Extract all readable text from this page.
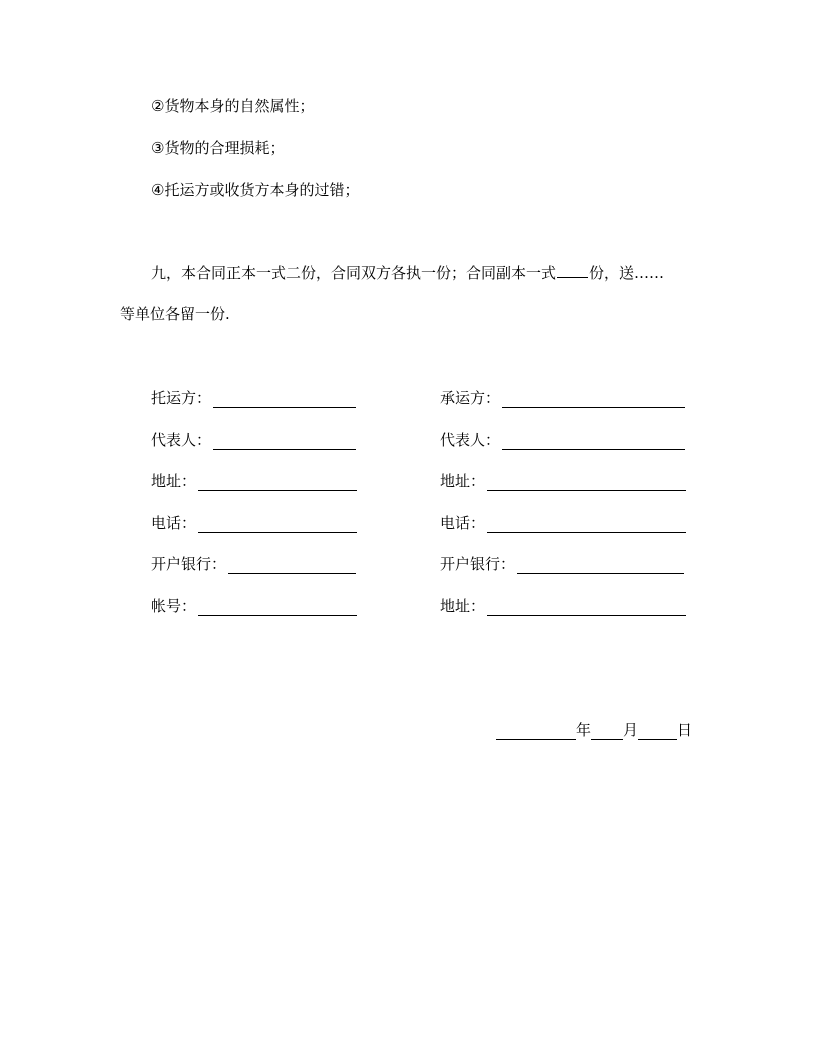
②货物本身的自然属性；
③货物的合理损耗；
④托运方或收货方本身的过错；
九，本合同正本一式二份，合同双方各执一份；合同副本一式 份，送……
等单位各留一份.
托运方：
代表人：
地址：
电话：
开户银行：
帐号：
承运方：
代表人：
地址：
电话：
开户银行：
地址：
年 月	日
